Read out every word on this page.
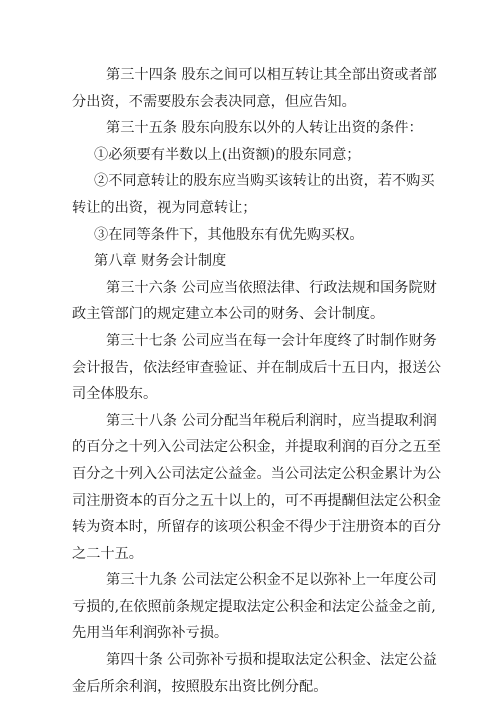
第三十四条 股东之间可以相互转让其全部出资或者部
分出资，不需要股东会表决同意，但应告知。

第三十五条 股东向股东以外的人转让出资的条件：

①必须要有半数以上(出资额)的股东同意；

②不同意转让的股东应当购买该转让的出资，若不购买
转让的出资，视为同意转让；

③在同等条件下，其他股东有优先购买权。

第八章 财务会计制度

第三十六条 公司应当依照法律、行政法规和国务院财
政主管部门的规定建立本公司的财务、会计制度。

第三十七条 公司应当在每一会计年度终了时制作财务
会计报告，依法经审查验证、并在制成后十五日内，报送公
司全体股东。

第三十八条 公司分配当年税后利润时，应当提取利润
的百分之十列入公司法定公积金，并提取利润的百分之五至
百分之十列入公司法定公益金。当公司法定公积金累计为公
司注册资本的百分之五十以上的，可不再提醐但法定公积金
转为资本时，所留存的该项公积金不得少于注册资本的百分
之二十五。

第三十九条 公司法定公积金不足以弥补上一年度公司
亏损的,在依照前条规定提取法定公积金和法定公益金之前,
先用当年利润弥补亏损。

第四十条 公司弥补亏损和提取法定公积金、法定公益
金后所余利润，按照股东出资比例分配。
